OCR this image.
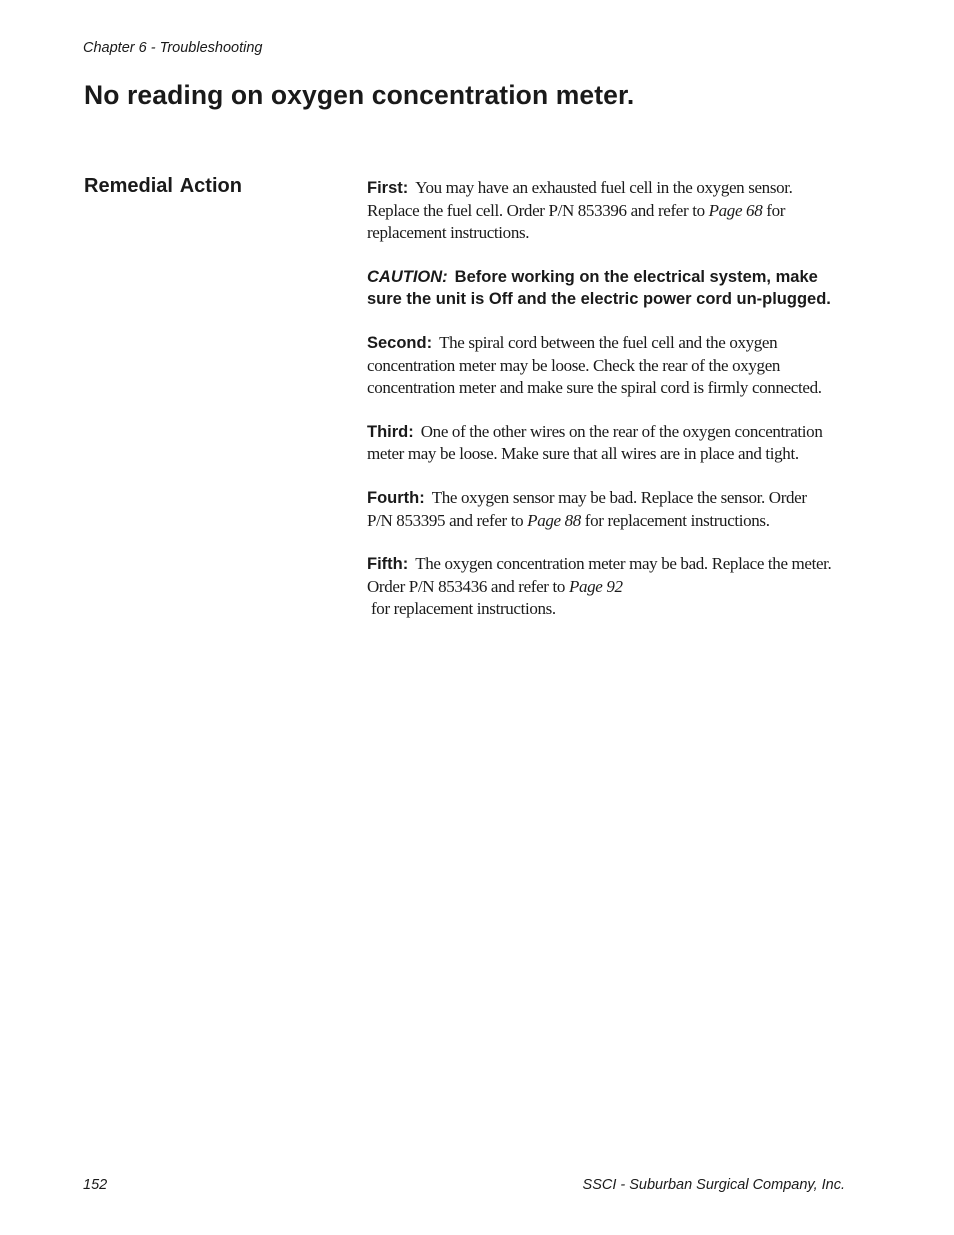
Chapter 6 - Troubleshooting
No reading on oxygen concentration meter.
Remedial Action	First: You may have an exhausted fuel cell in the oxygen sensor. Replace the fuel cell. Order P/N 853396 and refer to Page 68 for replacement instructions.

CAUTION: Before working on the electrical system, make sure the unit is Off and the electric power cord un-plugged.

Second: The spiral cord between the fuel cell and the oxygen concentration meter may be loose. Check the rear of the oxygen concentration meter and make sure the spiral cord is firmly connected.

Third: One of the other wires on the rear of the oxygen concentration meter may be loose. Make sure that all wires are in place and tight.

Fourth: The oxygen sensor may be bad. Replace the sensor. Order P/N 853395 and refer to Page 88 for replacement instructions.

Fifth: The oxygen concentration meter may be bad. Replace the meter. Order P/N 853436 and refer to Page 92
for replacement instructions.

152	SSCI - Suburban Surgical Company, Inc.
